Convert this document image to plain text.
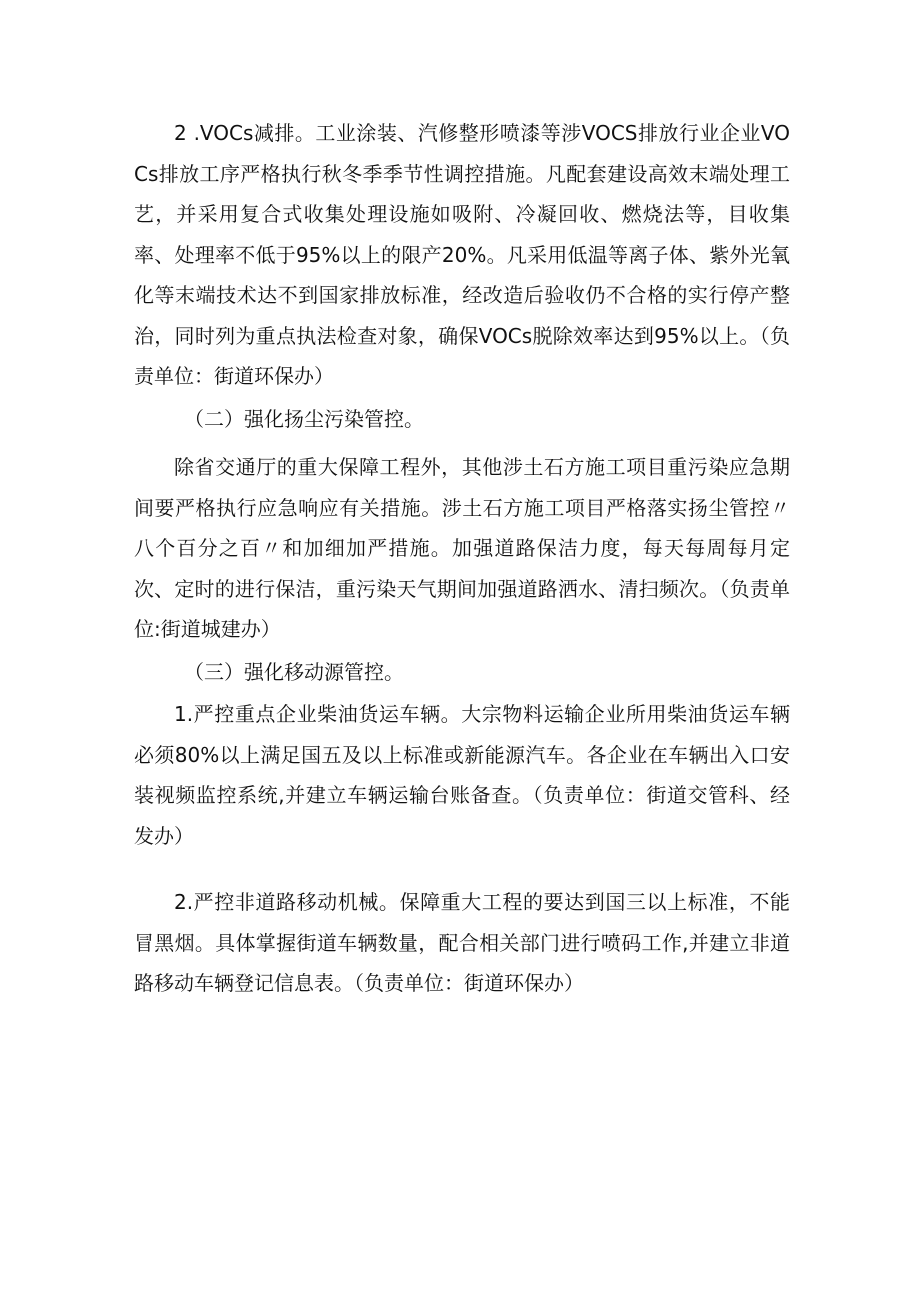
2 .VOCs减排。工业涂装、汽修整形喷漆等涉VOCS排放行业企业VOCs排放工序严格执行秋冬季季节性调控措施。凡配套建设高效末端处理工艺，并采用复合式收集处理设施如吸附、冷凝回收、燃烧法等，目收集率、处理率不低于95%以上的限产20%。凡采用低温等离子体、紫外光氧化等末端技术达不到国家排放标准，经改造后验收仍不合格的实行停产整治，同时列为重点执法检查对象，确保VOCs脱除效率达到95%以上。（负责单位：街道环保办）

（二）强化扬尘污染管控。

除省交通厅的重大保障工程外，其他涉土石方施工项目重污染应急期间要严格执行应急响应有关措施。涉土石方施工项目严格落实扬尘管控〃八个百分之百〃和加细加严措施。加强道路保洁力度，每天每周每月定次、定时的进行保洁，重污染天气期间加强道路洒水、清扫频次。（负责单位:街道城建办）

（三）强化移动源管控。

1.严控重点企业柴油货运车辆。大宗物料运输企业所用柴油货运车辆必须80%以上满足国五及以上标准或新能源汽车。各企业在车辆出入口安装视频监控系统,并建立车辆运输台账备查。（负责单位：街道交管科、经发办）

2.严控非道路移动机械。保障重大工程的要达到国三以上标准，不能冒黑烟。具体掌握街道车辆数量，配合相关部门进行喷码工作,并建立非道路移动车辆登记信息表。（负责单位：街道环保办）
